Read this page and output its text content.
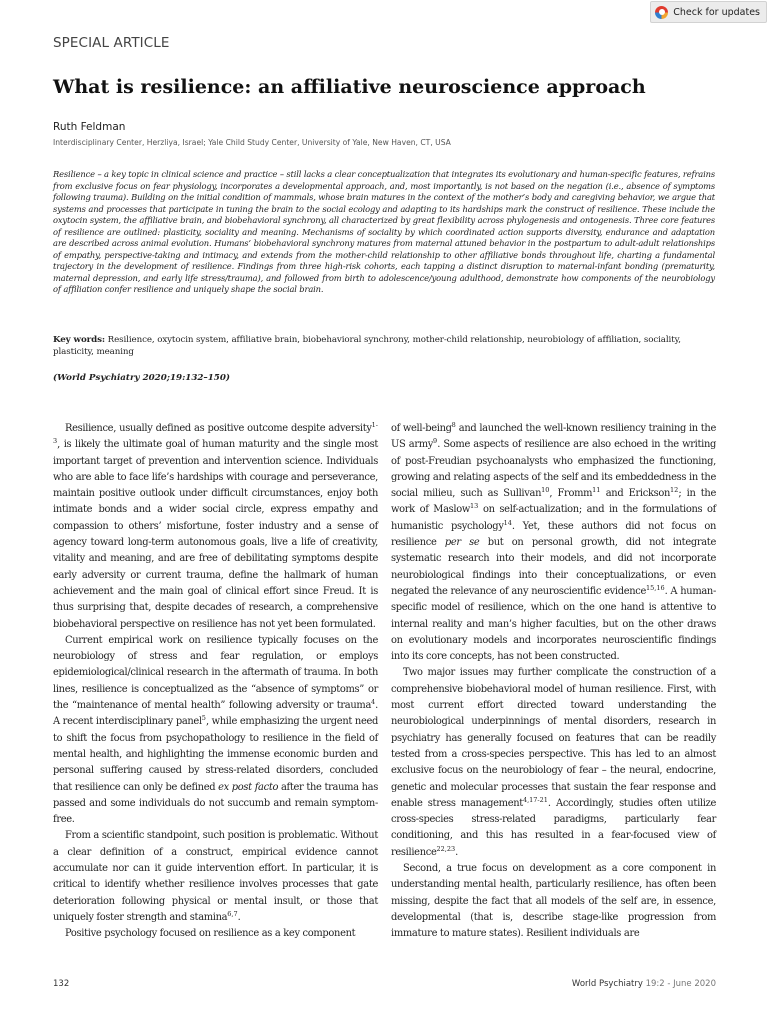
Check for updates
SPECIAL ARTICLE
What is resilience: an affiliative neuroscience approach
Ruth Feldman
Interdisciplinary Center, Herzliya, Israel; Yale Child Study Center, University of Yale, New Haven, CT, USA

Resilience – a key topic in clinical science and practice – still lacks a clear conceptualization that integrates its evolutionary and human-specific features, refrains from exclusive focus on fear physiology, incorporates a developmental approach, and, most importantly, is not based on the negation (i.e., absence of symptoms following trauma). Building on the initial condition of mammals, whose brain matures in the context of the mother’s body and caregiving behavior, we argue that systems and processes that participate in tuning the brain to the social ecology and adapting to its hardships mark the construct of resilience. These include the oxytocin system, the affiliative brain, and biobehavioral synchrony, all characterized by great flexibility across phylogenesis and ontogenesis. Three core features of resilience are outlined: plasticity, sociality and meaning. Mechanisms of sociality by which coordinated action supports diversity, endurance and adaptation are described across animal evolution. Humans’ biobehavioral synchrony matures from maternal attuned behavior in the postpartum to adult-adult relationships of empathy, perspective-taking and intimacy, and extends from the mother-child relationship to other affiliative bonds throughout life, charting a fundamental trajectory in the development of resilience. Findings from three high-risk cohorts, each tapping a distinct disruption to maternal-infant bonding (prematurity, maternal depression, and early life stress/trauma), and followed from birth to adolescence/young adulthood, demonstrate how components of the neurobiology of affiliation confer resilience and uniquely shape the social brain.

Key words: Resilience, oxytocin system, affiliative brain, biobehavioral synchrony, mother-child relationship, neurobiology of affiliation, sociality, plasticity, meaning

(World Psychiatry 2020;19:132–150)

Resilience, usually defined as positive outcome despite adversity$^{1-3}$, is likely the ultimate goal of human maturity and the single most important target of prevention and intervention science. Individuals who are able to face life’s hardships with courage and perseverance, maintain positive outlook under difficult circumstances, enjoy both intimate bonds and a wider social circle, express empathy and compassion to others’ misfortune, foster industry and a sense of agency toward long-term autonomous goals, live a life of creativity, vitality and meaning, and are free of debilitating symptoms despite early adversity or current trauma, define the hallmark of human achievement and the main goal of clinical effort since Freud. It is thus surprising that, despite decades of research, a comprehensive biobehavioral perspective on resilience has not yet been formulated.

Current empirical work on resilience typically focuses on the neurobiology of stress and fear regulation, or employs epidemiological/clinical research in the aftermath of trauma. In both lines, resilience is conceptualized as the “absence of symptoms” or the “maintenance of mental health” following adversity or trauma$^4$. A recent interdisciplinary panel$^5$, while emphasizing the urgent need to shift the focus from psychopathology to resilience in the field of mental health, and highlighting the immense economic burden and personal suffering caused by stress-related disorders, concluded that resilience can only be defined ex post facto after the trauma has passed and some individuals do not succumb and remain symptom-free.

From a scientific standpoint, such position is problematic. Without a clear definition of a construct, empirical evidence cannot accumulate nor can it guide intervention effort. In particular, it is critical to identify whether resilience involves processes that gate deterioration following physical or mental insult, or those that uniquely foster strength and stamina$^{6,7}$.

Positive psychology focused on resilience as a key component

of well-being$^8$ and launched the well-known resiliency training in the US army$^9$. Some aspects of resilience are also echoed in the writing of post-Freudian psychoanalysts who emphasized the functioning, growing and relating aspects of the self and its embeddedness in the social milieu, such as Sullivan$^{10}$, Fromm$^{11}$ and Erickson$^{12}$; in the work of Maslow$^{13}$ on self-actualization; and in the formulations of humanistic psychology$^{14}$. Yet, these authors did not focus on resilience per se but on personal growth, did not integrate systematic research into their models, and did not incorporate neurobiological findings into their conceptualizations, or even negated the relevance of any neuroscientific evidence$^{15,16}$. A human-specific model of resilience, which on the one hand is attentive to internal reality and man’s higher faculties, but on the other draws on evolutionary models and incorporates neuroscientific findings into its core concepts, has not been constructed.

Two major issues may further complicate the construction of a comprehensive biobehavioral model of human resilience. First, with most current effort directed toward understanding the neurobiological underpinnings of mental disorders, research in psychiatry has generally focused on features that can be readily tested from a cross-species perspective. This has led to an almost exclusive focus on the neurobiology of fear – the neural, endocrine, genetic and molecular processes that sustain the fear response and enable stress management$^{4,17-21}$. Accordingly, studies often utilize cross-species stress-related paradigms, particularly fear conditioning, and this has resulted in a fear-focused view of resilience$^{22,23}$.

Second, a true focus on development as a core component in understanding mental health, particularly resilience, has often been missing, despite the fact that all models of the self are, in essence, developmental (that is, describe stage-like progression from immature to mature states). Resilient individuals are

132	World Psychiatry 19:2 - June 2020
